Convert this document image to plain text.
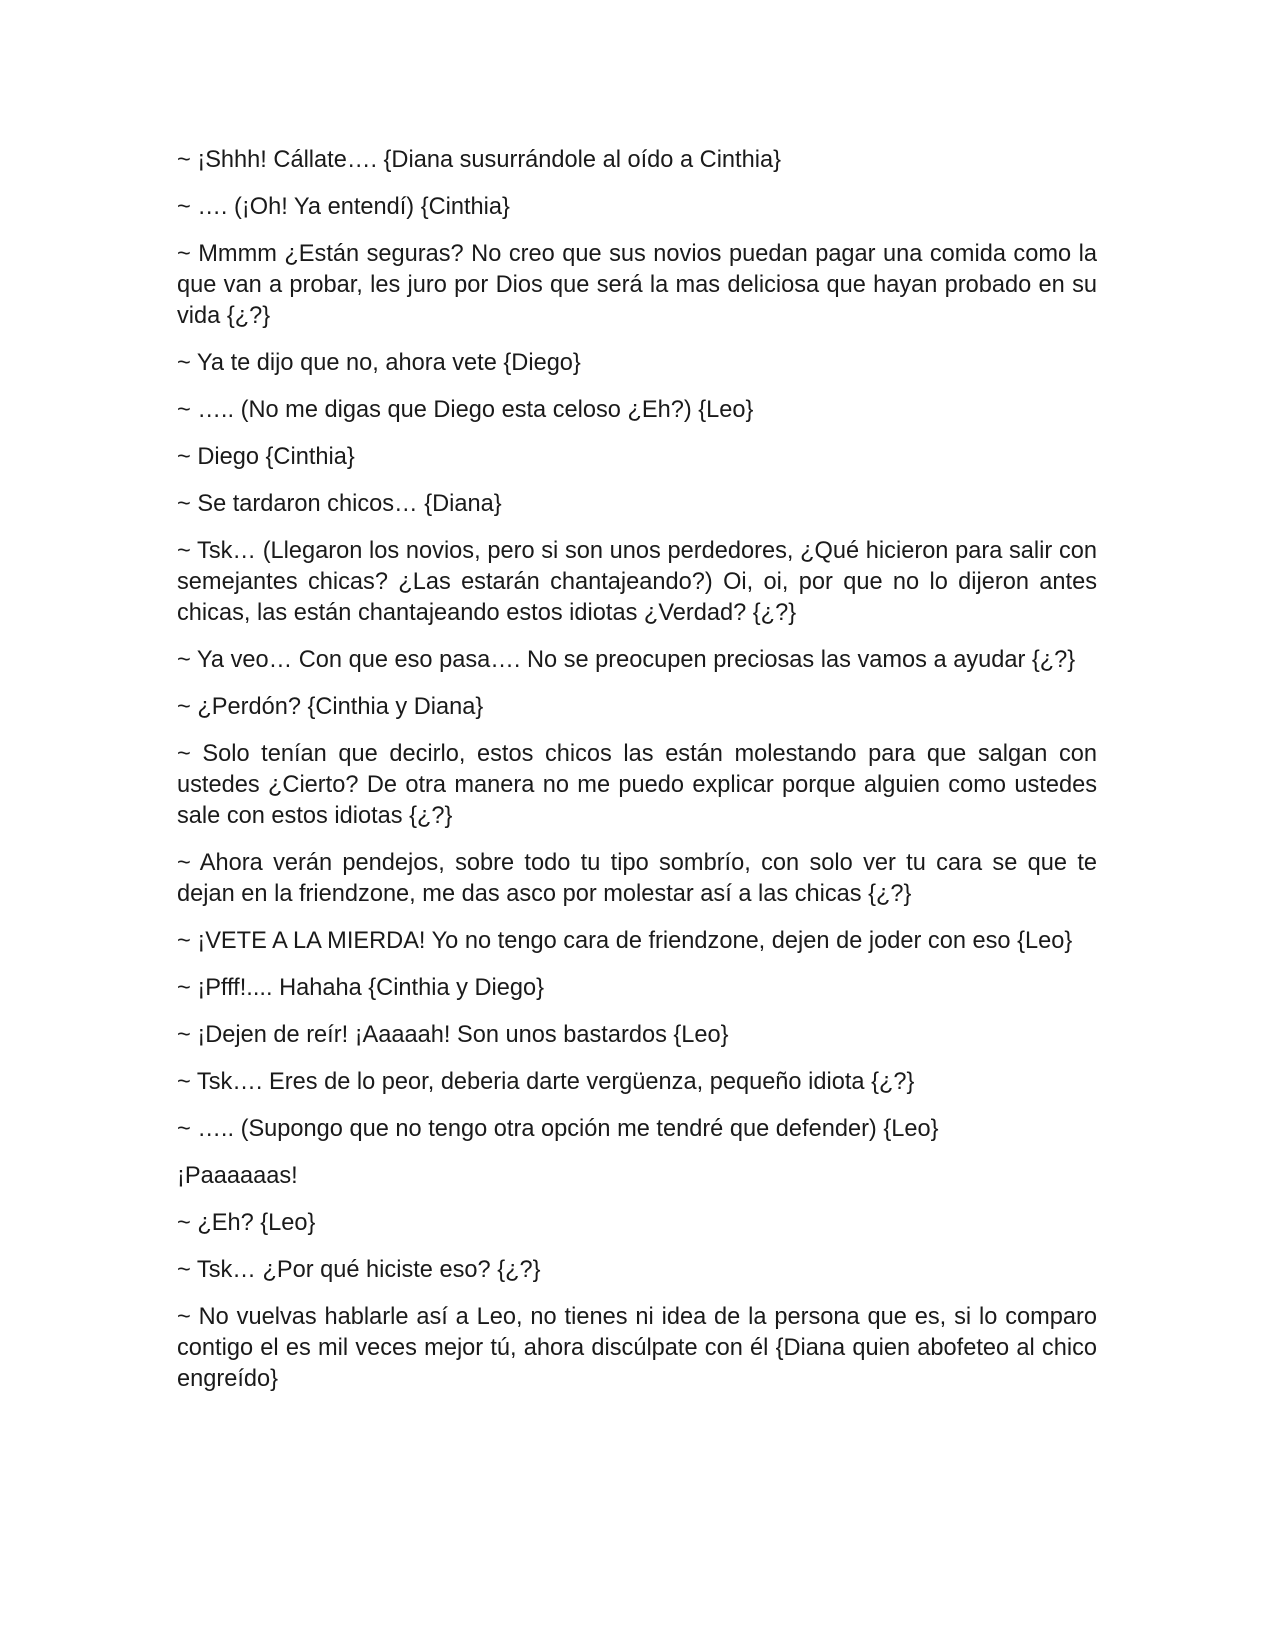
~ ¡Shhh! Cállate…. {Diana susurrándole al oído a Cinthia}

~ …. (¡Oh! Ya entendí) {Cinthia}

~ Mmmm ¿Están seguras? No creo que sus novios puedan pagar una comida como la que van a probar, les juro por Dios que será la mas deliciosa que hayan probado en su vida {¿?}

~ Ya te dijo que no, ahora vete {Diego}

~ ….. (No me digas que Diego esta celoso ¿Eh?) {Leo}

~ Diego {Cinthia}

~ Se tardaron chicos… {Diana}

~ Tsk… (Llegaron los novios, pero si son unos perdedores, ¿Qué hicieron para salir con semejantes chicas? ¿Las estarán chantajeando?) Oi, oi, por que no lo dijeron antes chicas, las están chantajeando estos idiotas ¿Verdad? {¿?}

~ Ya veo… Con que eso pasa…. No se preocupen preciosas las vamos a ayudar {¿?}

~ ¿Perdón? {Cinthia y Diana}

~ Solo tenían que decirlo, estos chicos las están molestando para que salgan con ustedes ¿Cierto? De otra manera no me puedo explicar porque alguien como ustedes sale con estos idiotas {¿?}

~ Ahora verán pendejos, sobre todo tu tipo sombrío, con solo ver tu cara se que te dejan en la friendzone, me das asco por molestar así a las chicas {¿?}

~ ¡VETE A LA MIERDA! Yo no tengo cara de friendzone, dejen de joder con eso {Leo}

~ ¡Pfff!.... Hahaha {Cinthia y Diego}

~ ¡Dejen de reír! ¡Aaaaah! Son unos bastardos {Leo}

~ Tsk…. Eres de lo peor, deberia darte vergüenza, pequeño idiota {¿?}

~ ….. (Supongo que no tengo otra opción me tendré que defender) {Leo}

¡Paaaaaas!

~ ¿Eh? {Leo}

~ Tsk… ¿Por qué hiciste eso? {¿?}

~ No vuelvas hablarle así a Leo, no tienes ni idea de la persona que es, si lo comparo contigo el es mil veces mejor tú, ahora discúlpate con él {Diana quien abofeteo al chico engreído}
